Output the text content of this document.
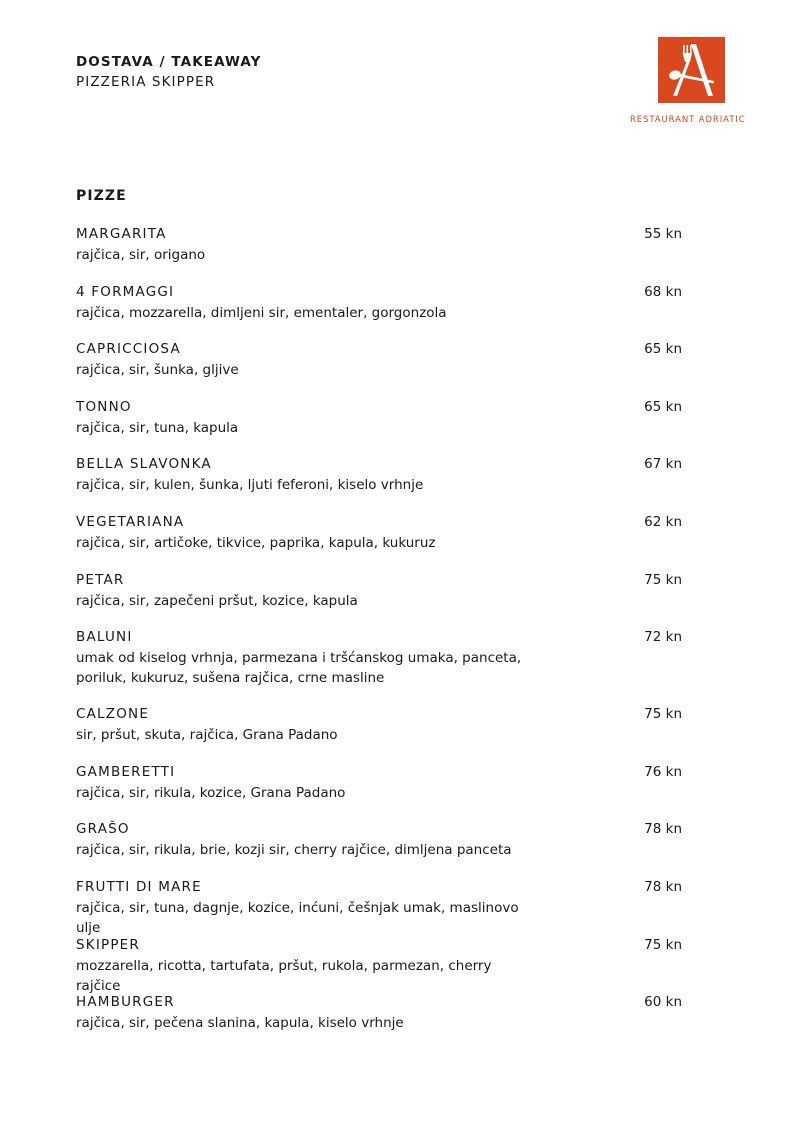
DOSTAVA / TAKEAWAY
PIZZERIA SKIPPER
RESTAURANT ADRIATIC
PIZZE
MARGARITA
rajčica, sir, origano
55 kn
4 FORMAGGI
rajčica, mozzarella, dimljeni sir, ementaler, gorgonzola
68 kn
CAPRICCIOSA
rajčica, sir, šunka, gljive
65 kn
TONNO
rajčica, sir, tuna, kapula
65 kn
BELLA SLAVONKA
rajčica, sir, kulen, šunka, ljuti feferoni, kiselo vrhnje
67 kn
VEGETARIANA
rajčica, sir, artičoke, tikvice, paprika, kapula, kukuruz
62 kn
PETAR
rajčica, sir, zapečeni pršut, kozice, kapula
75 kn
BALUNI
umak od kiselog vrhnja, parmezana i tršćanskog umaka, panceta, poriluk, kukuruz, sušena rajčica, crne masline
72 kn
CALZONE
sir, pršut, skuta, rajčica, Grana Padano
75 kn
GAMBERETTI
rajčica, sir, rikula, kozice, Grana Padano
76 kn
GRAŠO
rajčica, sir, rikula, brie, kozji sir, cherry rajčice, dimljena panceta
78 kn
FRUTTI DI MARE
rajčica, sir, tuna, dagnje, kozice, inćuni, češnjak umak, maslinovo ulje
78 kn
SKIPPER
mozzarella, ricotta, tartufata, pršut, rukola, parmezan, cherry rajčice
75 kn
HAMBURGER
rajčica, sir, pečena slanina, kapula, kiselo vrhnje
60 kn
